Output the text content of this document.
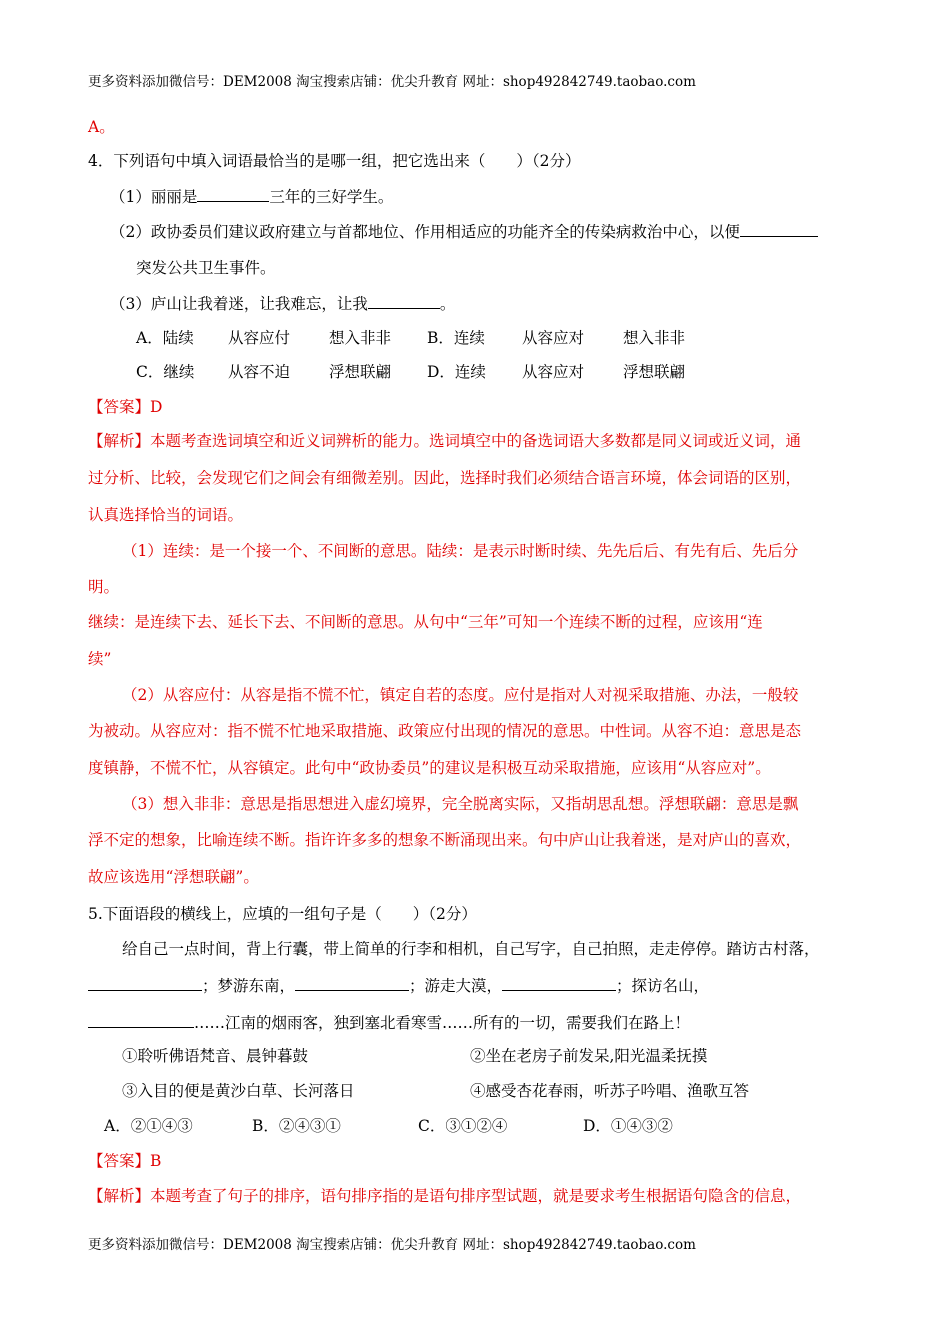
更多资料添加微信号：DEM2008 淘宝搜索店铺：优尖升教育 网址：shop492842749.taobao.com
A。
4．下列语句中填入词语最恰当的是哪一组，把它选出来（　　）（2分）
（1）丽丽是	三年的三好学生。
（2）政协委员们建议政府建立与首都地位、作用相适应的功能齐全的传染病救治中心，以便
突发公共卫生事件。
（3）庐山让我着迷，让我难忘，让我	。
A．陆续 从容应付	想入非非 B．连续 从容应对	想入非非
C．继续 从容不迫	浮想联翩 D．连续 从容应对	浮想联翩
【答案】D
【解析】本题考查选词填空和近义词辨析的能力。选词填空中的备选词语大多数都是同义词或近义词，通
过分析、比较，会发现它们之间会有细微差别。因此，选择时我们必须结合语言环境，体会词语的区别，
认真选择恰当的词语。
（1）连续：是一个接一个、不间断的意思。陆续：是表示时断时续、先先后后、有先有后、先后分
明。
继续：是连续下去、延长下去、不间断的意思。从句中“三年”可知一个连续不断的过程，应该用“连
续”
（2）从容应付：从容是指不慌不忙，镇定自若的态度。应付是指对人对视采取措施、办法，一般较
为被动。从容应对：指不慌不忙地采取措施、政策应付出现的情况的意思。中性词。从容不迫：意思是态
度镇静，不慌不忙，从容镇定。此句中“政协委员”的建议是积极互动采取措施，应该用“从容应对”。
（3）想入非非：意思是指思想进入虚幻境界，完全脱离实际，又指胡思乱想。浮想联翩：意思是飘
浮不定的想象，比喻连续不断。指许许多多的想象不断涌现出来。句中庐山让我着迷，是对庐山的喜欢，
故应该选用“浮想联翩”。
5.下面语段的横线上，应填的一组句子是（　　）（2分）
给自己一点时间，背上行囊，带上简单的行李和相机，自己写字，自己拍照，走走停停。踏访古村落，
；梦游东南，	；游走大漠，	；探访名山，
……江南的烟雨客，独到塞北看寒雪……所有的一切，需要我们在路上！
①聆听佛语梵音、晨钟暮鼓	②坐在老房子前发呆,阳光温柔抚摸
③入目的便是黄沙白草、长河落日	④感受杏花春雨，听苏子吟唱、渔歌互答
A．②①④③	B．②④③①	C．③①②④	D．①④③②
【答案】B
【解析】本题考查了句子的排序，语句排序指的是语句排序型试题，就是要求考生根据语句隐含的信息，
更多资料添加微信号：DEM2008 淘宝搜索店铺：优尖升教育 网址：shop492842749.taobao.com
